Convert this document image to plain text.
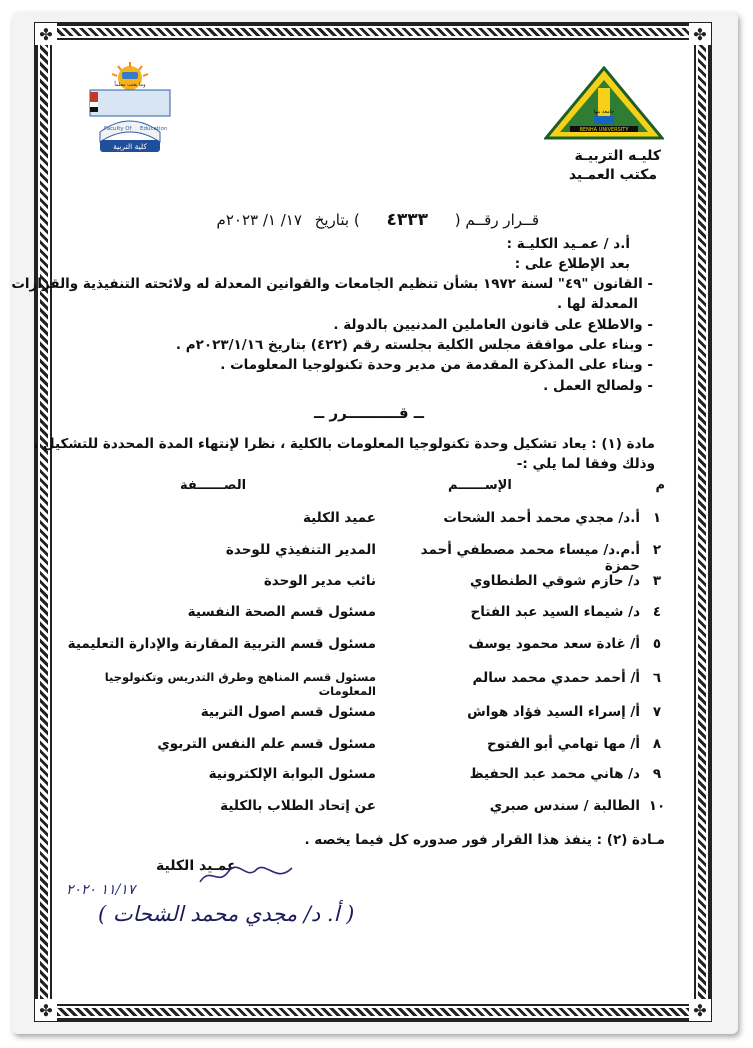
✤	✤
✤	✤
وما بعثت معلماً
Faculty Of Education
كلية التربية
BENHA UNIVERSITY
جامعة بنها
كليـه التربيـة
مكتب العمـيد
قــرار رقــم ( ٤٣٣٣ ) بتاريخ ١٧/ ١/ ٢٠٢٣م
أ.د / عمـيد الكليـة :
بعد الإطلاع على :
- القانون "٤٩" لسنة ١٩٧٢ بشأن تنظيم الجامعات والقوانين المعدلة له ولائحته التنفيذية والقرارات
المعدلة لها .
- والاطلاع على قانون العاملين المدنيين بالدولة .
- وبناء على موافقة مجلس الكلية بجلسته رقم (٤٢٢) بتاريخ ٢٠٢٣/١/١٦م .
- وبناء على المذكرة المقدمة من مدير وحدة تكنولوجيا المعلومات .
- ولصالح العمل .
ــ قــــــــــرر ــ
مادة (١) : يعاد تشكيل وحدة تكنولوجيا المعلومات بالكلية ، نظرا لإنتهاء المدة المحددة للتشكيل ،
وذلك وفقا لما يلي :-
م
الإســــــم
الصــــــفة
١
أ.د/ مجدي محمد أحمد الشحات
عميد الكلية
٢
أ.م.د/ ميساء محمد مصطفي أحمد حمزة
المدير التنفيذي للوحدة
٣
د/ حازم شوقي الطنطاوي
نائب مدير الوحدة
٤
د/ شيماء السيد عبد الفتاح
مسئول قسم الصحة النفسية
٥
أ/ غادة سعد محمود يوسف
مسئول قسم التربية المقارنة والإدارة التعليمية
٦
أ/ أحمد حمدي محمد سالم
مسئول قسم المناهج وطرق التدريس وتكنولوجيا المعلومات
٧
أ/ إسراء السيد فؤاد هواش
مسئول قسم اصول التربية
٨
أ/ مها تهامي أبو الفتوح
مسئول قسم علم النفس التربوي
٩
د/ هاني محمد عبد الحفيظ
مسئول البوابة الإلكترونية
١٠
الطالبة / سندس صبري
عن إتحاد الطلاب بالكلية
مـادة (٢) : ينفذ هذا القرار فور صدوره كل فيما يخصه .
عمـيد الكلية
١١/١٧ ٢٠٢٠
( أ. د/ مجدي محمد الشحات )
